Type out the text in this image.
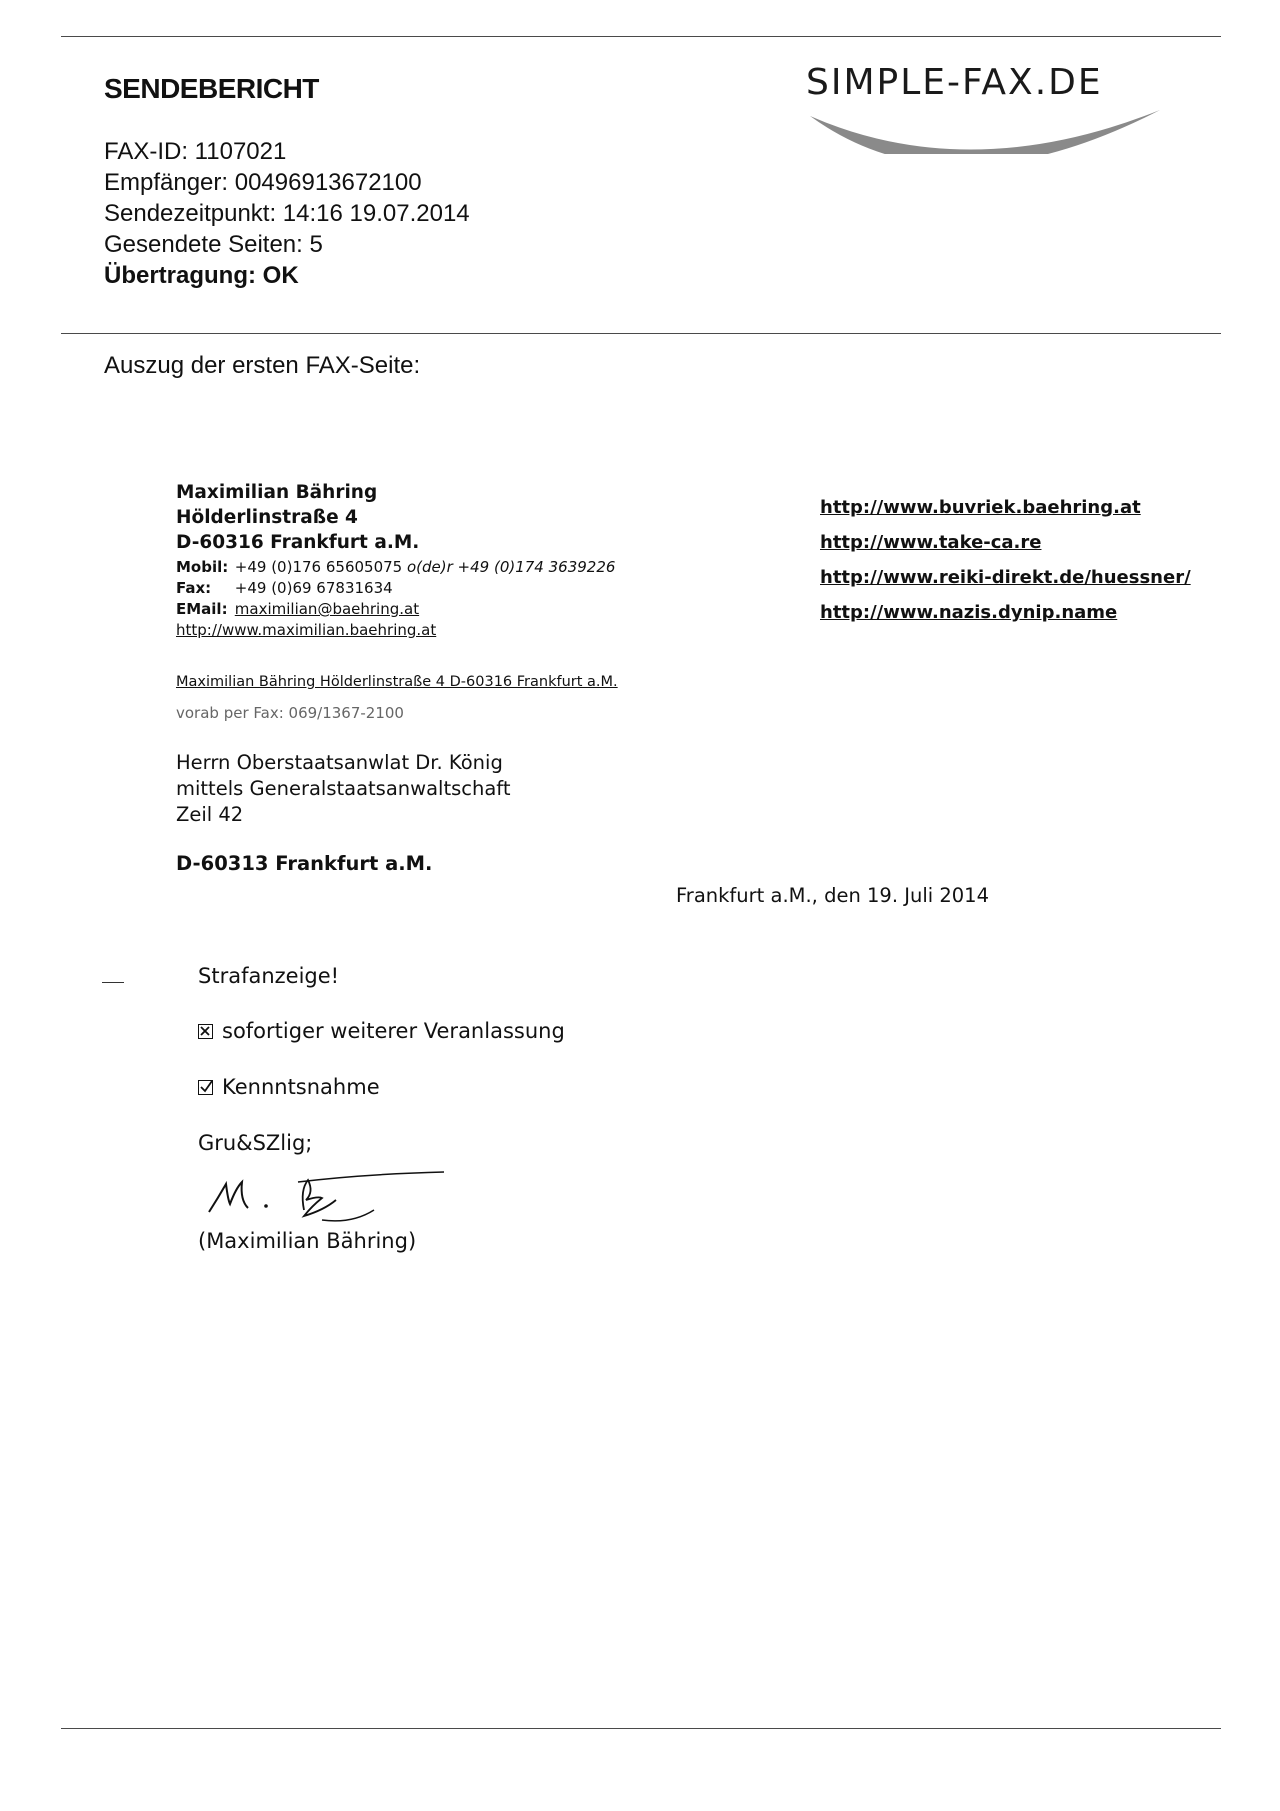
SENDEBERICHT	SIMPLE-FAX.DE
FAX-ID: 1107021
Empfänger: 00496913672100
Sendezeitpunkt: 14:16 19.07.2014
Gesendete Seiten: 5
Übertragung: OK
Auszug der ersten FAX-Seite:
Maximilian Bähring
Hölderlinstraße 4
D-60316 Frankfurt a.M.
Mobil: +49 (0)176 65605075 o(de)r +49 (0)174 3639226
Fax: +49 (0)69 67831634
EMail: maximilian@baehring.at
http://www.maximilian.baehring.at
http://www.buvriek.baehring.at
http://www.take-ca.re
http://www.reiki-direkt.de/huessner/
http://www.nazis.dynip.name
Maximilian Bähring Hölderlinstraße 4 D-60316 Frankfurt a.M.
vorab per Fax: 069/1367-2100
Herrn Oberstaatsanwlat Dr. König
mittels Generalstaatsanwaltschaft
Zeil 42
D-60313 Frankfurt a.M.
Frankfurt a.M., den 19. Juli 2014
Strafanzeige!
sofortiger weiterer Veranlassung
Kennntsnahme
Gru&SZlig;
(Maximilian Bähring)
